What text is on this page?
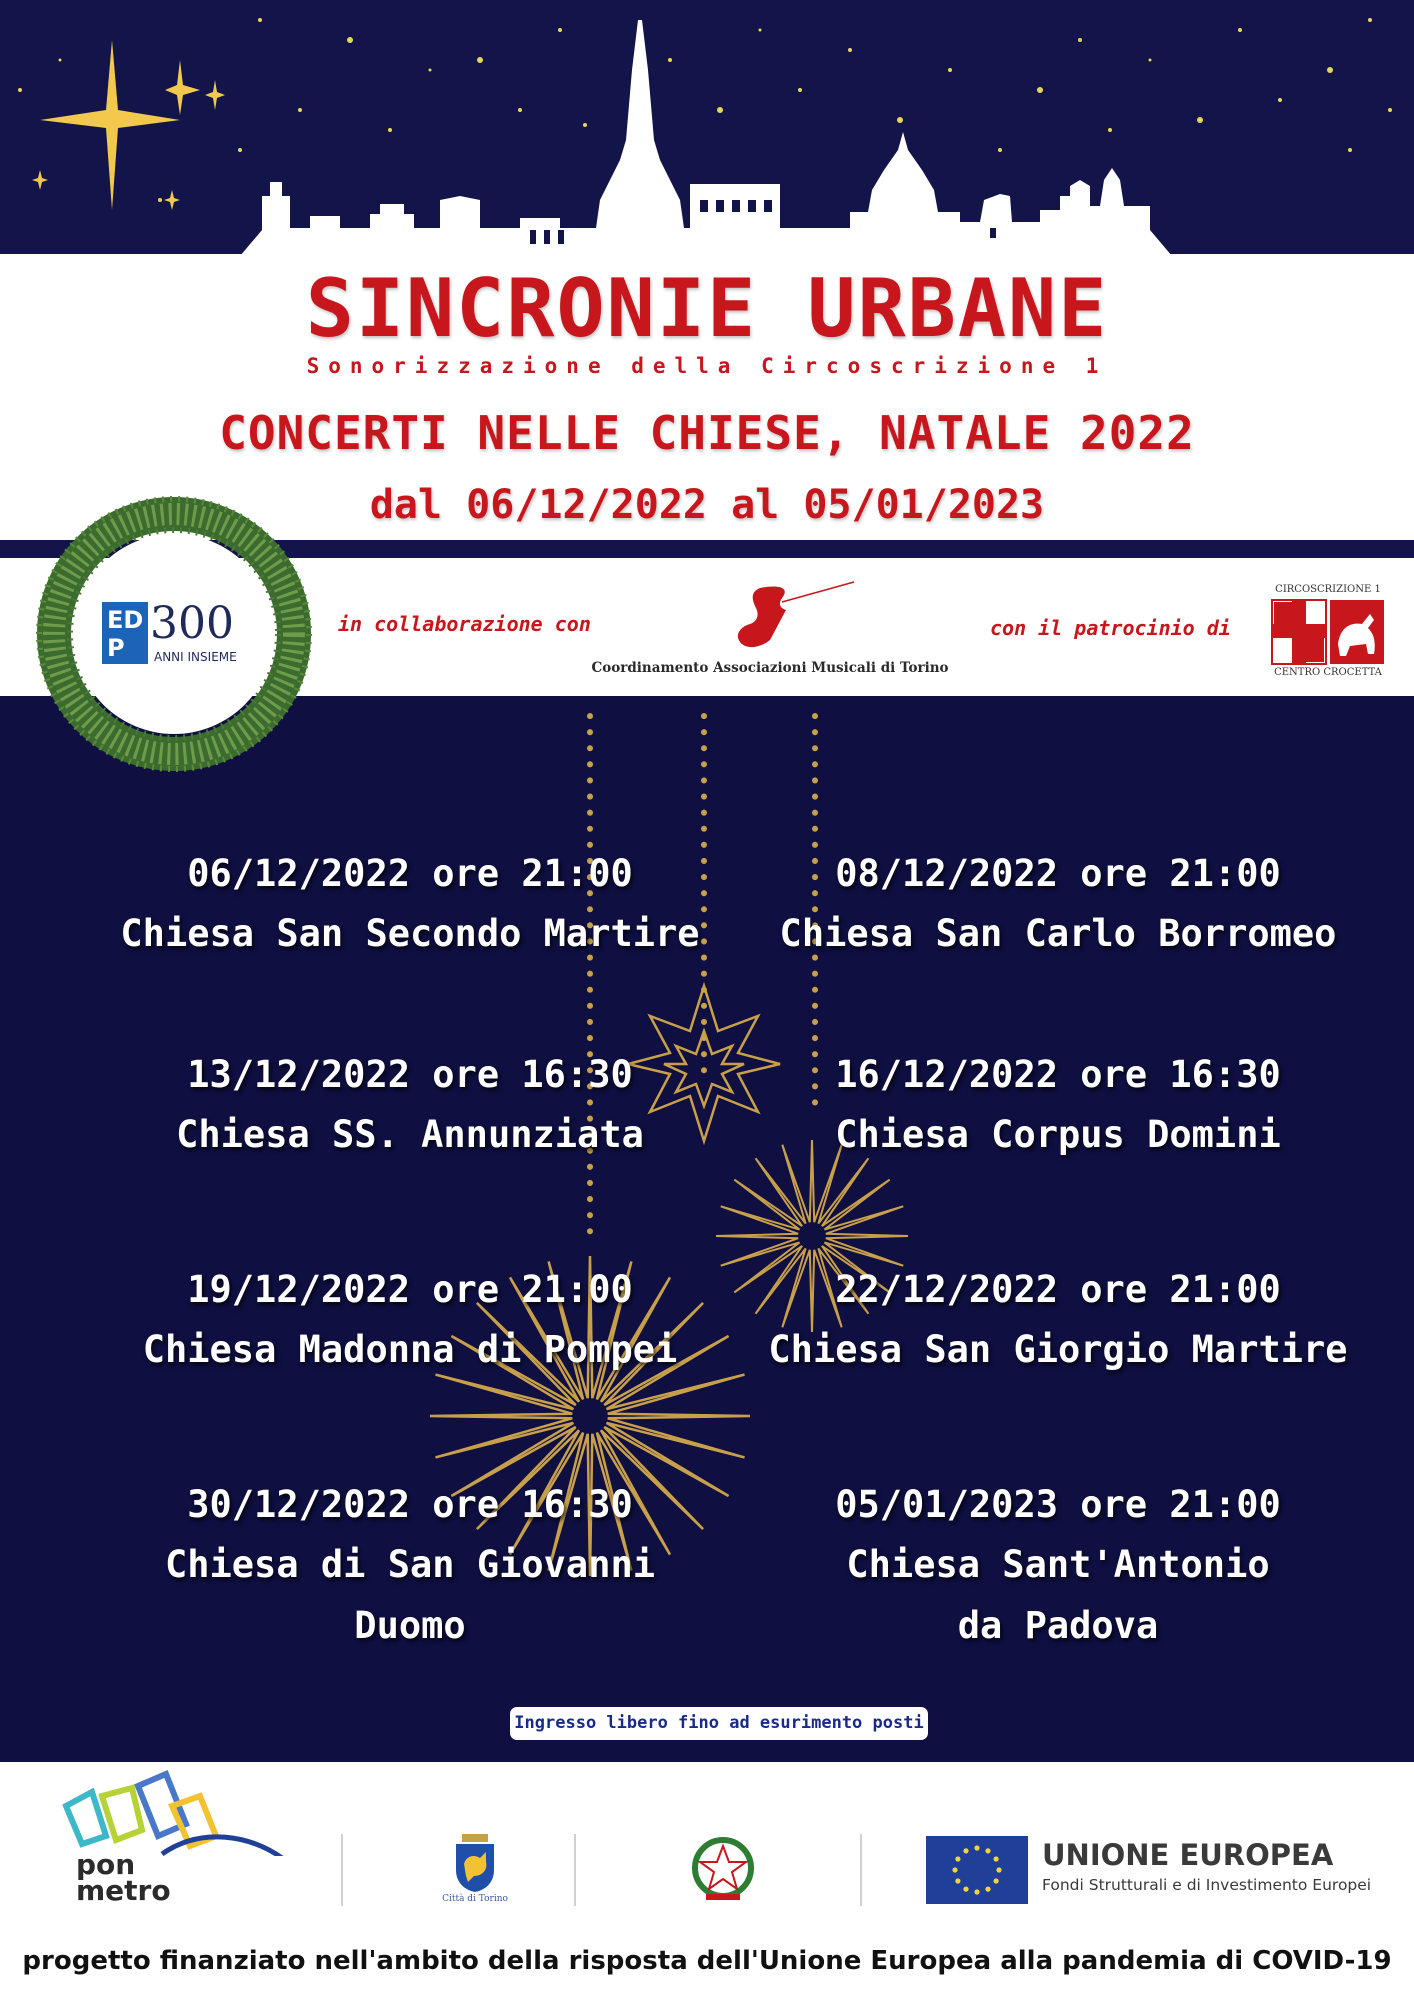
SINCRONIE URBANE
Sonorizzazione della Circoscrizione 1
CONCERTI NELLE CHIESE, NATALE 2022
dal 06/12/2022 al 05/01/2023
ED
P 300
ANNI INSIEME
in collaborazione con
Coordinamento Associazioni Musicali di Torino
con il patrocinio di
CIRCOSCRIZIONE 1
CENTRO CROCETTA
06/12/2022 ore 21:00
Chiesa San Secondo Martire
08/12/2022 ore 21:00
Chiesa San Carlo Borromeo
13/12/2022 ore 16:30
Chiesa SS. Annunziata
16/12/2022 ore 16:30
Chiesa Corpus Domini
19/12/2022 ore 21:00
Chiesa Madonna di Pompei
22/12/2022 ore 21:00
Chiesa San Giorgio Martire
30/12/2022 ore 16:30
Chiesa di San Giovanni
Duomo
05/01/2023 ore 21:00
Chiesa Sant'Antonio
da Padova
Ingresso libero fino ad esurimento posti
pon
metro	Città di Torino
UNIONE EUROPEA
Fondi Strutturali e di Investimento Europei
progetto finanziato nell'ambito della risposta dell'Unione Europea alla pandemia di COVID-19
